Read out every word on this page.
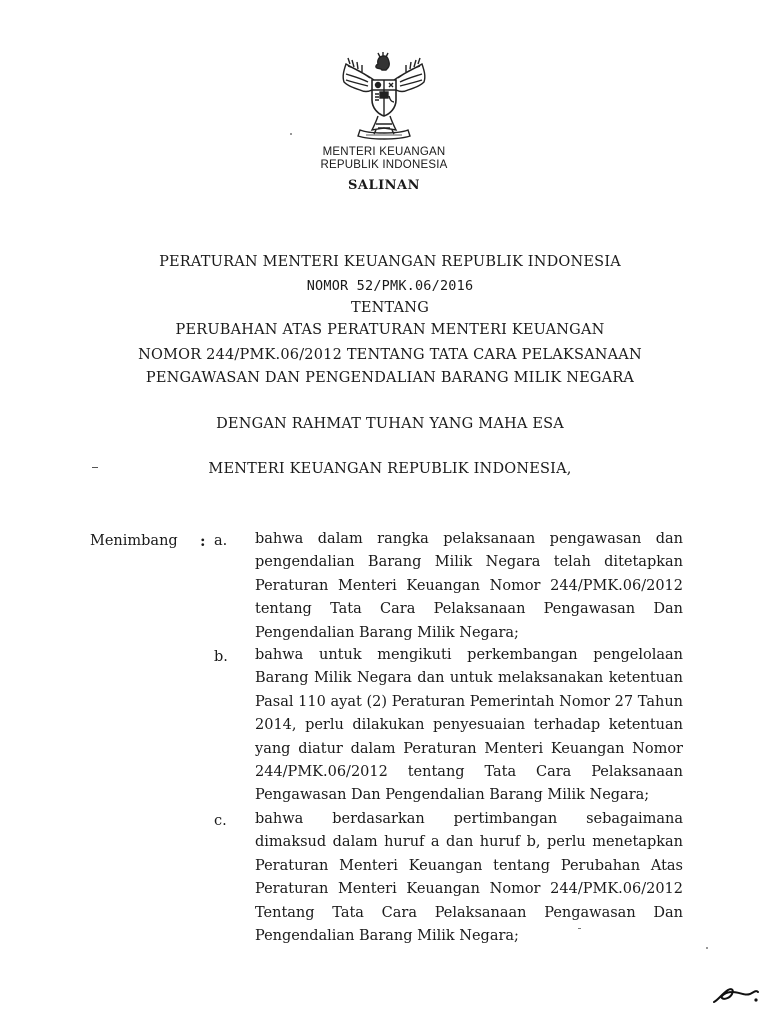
MENTERI KEUANGAN
REPUBLIK INDONESIA
SALINAN
PERATURAN MENTERI KEUANGAN REPUBLIK INDONESIA
NOMOR 52/PMK.06/2016
TENTANG
PERUBAHAN ATAS PERATURAN MENTERI KEUANGAN
NOMOR 244/PMK.06/2012 TENTANG TATA CARA PELAKSANAAN
PENGAWASAN DAN PENGENDALIAN BARANG MILIK NEGARA
DENGAN RAHMAT TUHAN YANG MAHA ESA
MENTERI KEUANGAN REPUBLIK INDONESIA,
Menimbang : a. bahwa dalam rangka pelaksanaan pengawasan dan pengendalian Barang Milik Negara telah ditetapkan Peraturan Menteri Keuangan Nomor 244/PMK.06/2012 tentang Tata Cara Pelaksanaan Pengawasan Dan Pengendalian Barang Milik Negara;
b. bahwa untuk mengikuti perkembangan pengelolaan Barang Milik Negara dan untuk melaksanakan ketentuan Pasal 110 ayat (2) Peraturan Pemerintah Nomor 27 Tahun 2014, perlu dilakukan penyesuaian terhadap ketentuan yang diatur dalam Peraturan Menteri Keuangan Nomor 244/PMK.06/2012 tentang Tata Cara Pelaksanaan Pengawasan Dan Pengendalian Barang Milik Negara;
c. bahwa berdasarkan pertimbangan sebagaimana dimaksud dalam huruf a dan huruf b, perlu menetapkan Peraturan Menteri Keuangan tentang Perubahan Atas Peraturan Menteri Keuangan Nomor 244/PMK.06/2012 Tentang Tata Cara Pelaksanaan Pengawasan Dan Pengendalian Barang Milik Negara;
